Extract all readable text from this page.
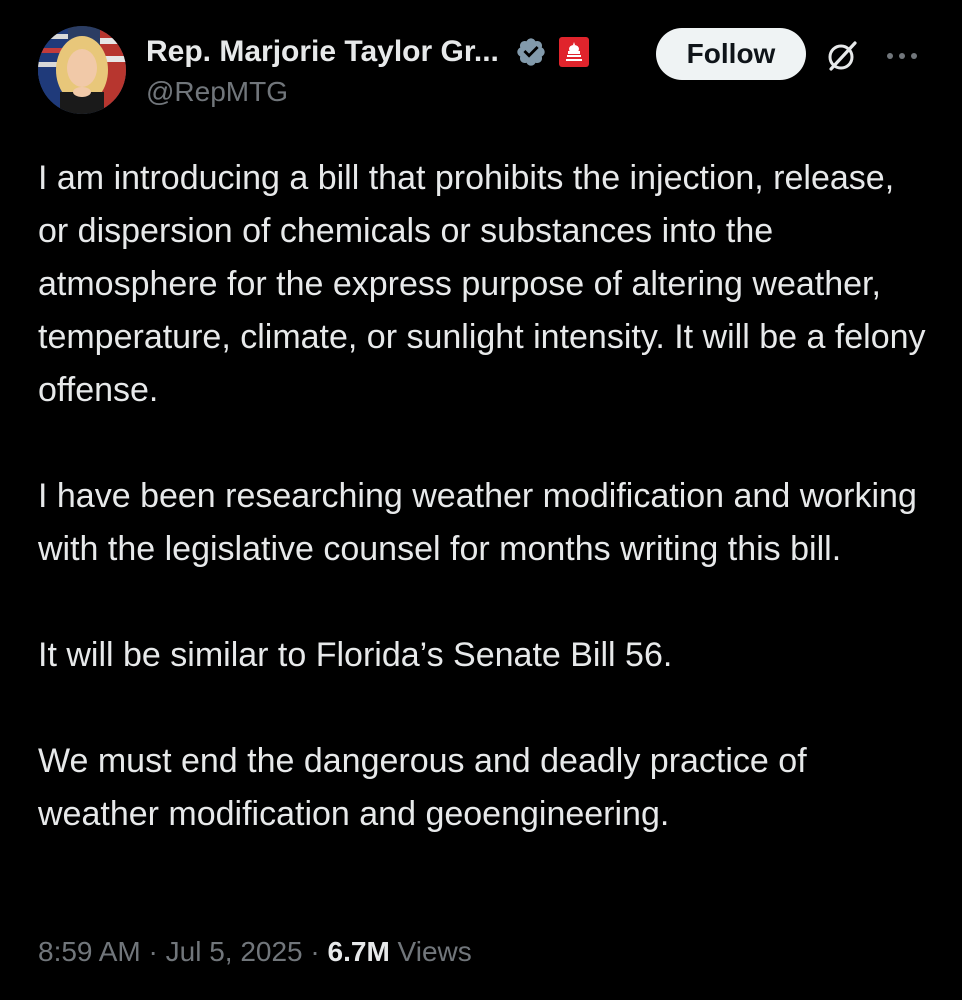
Rep. Marjorie Taylor Gr...
@RepMTG
Follow

I am introducing a bill that prohibits the injection, release, or dispersion of chemicals or substances into the atmosphere for the express purpose of altering weather, temperature, climate, or sunlight intensity. It will be a felony offense.

I have been researching weather modification and working with the legislative counsel for months writing this bill.

It will be similar to Florida’s Senate Bill 56.

We must end the dangerous and deadly practice of weather modification and geoengineering.

8:59 AM · Jul 5, 2025 · 6.7M Views
